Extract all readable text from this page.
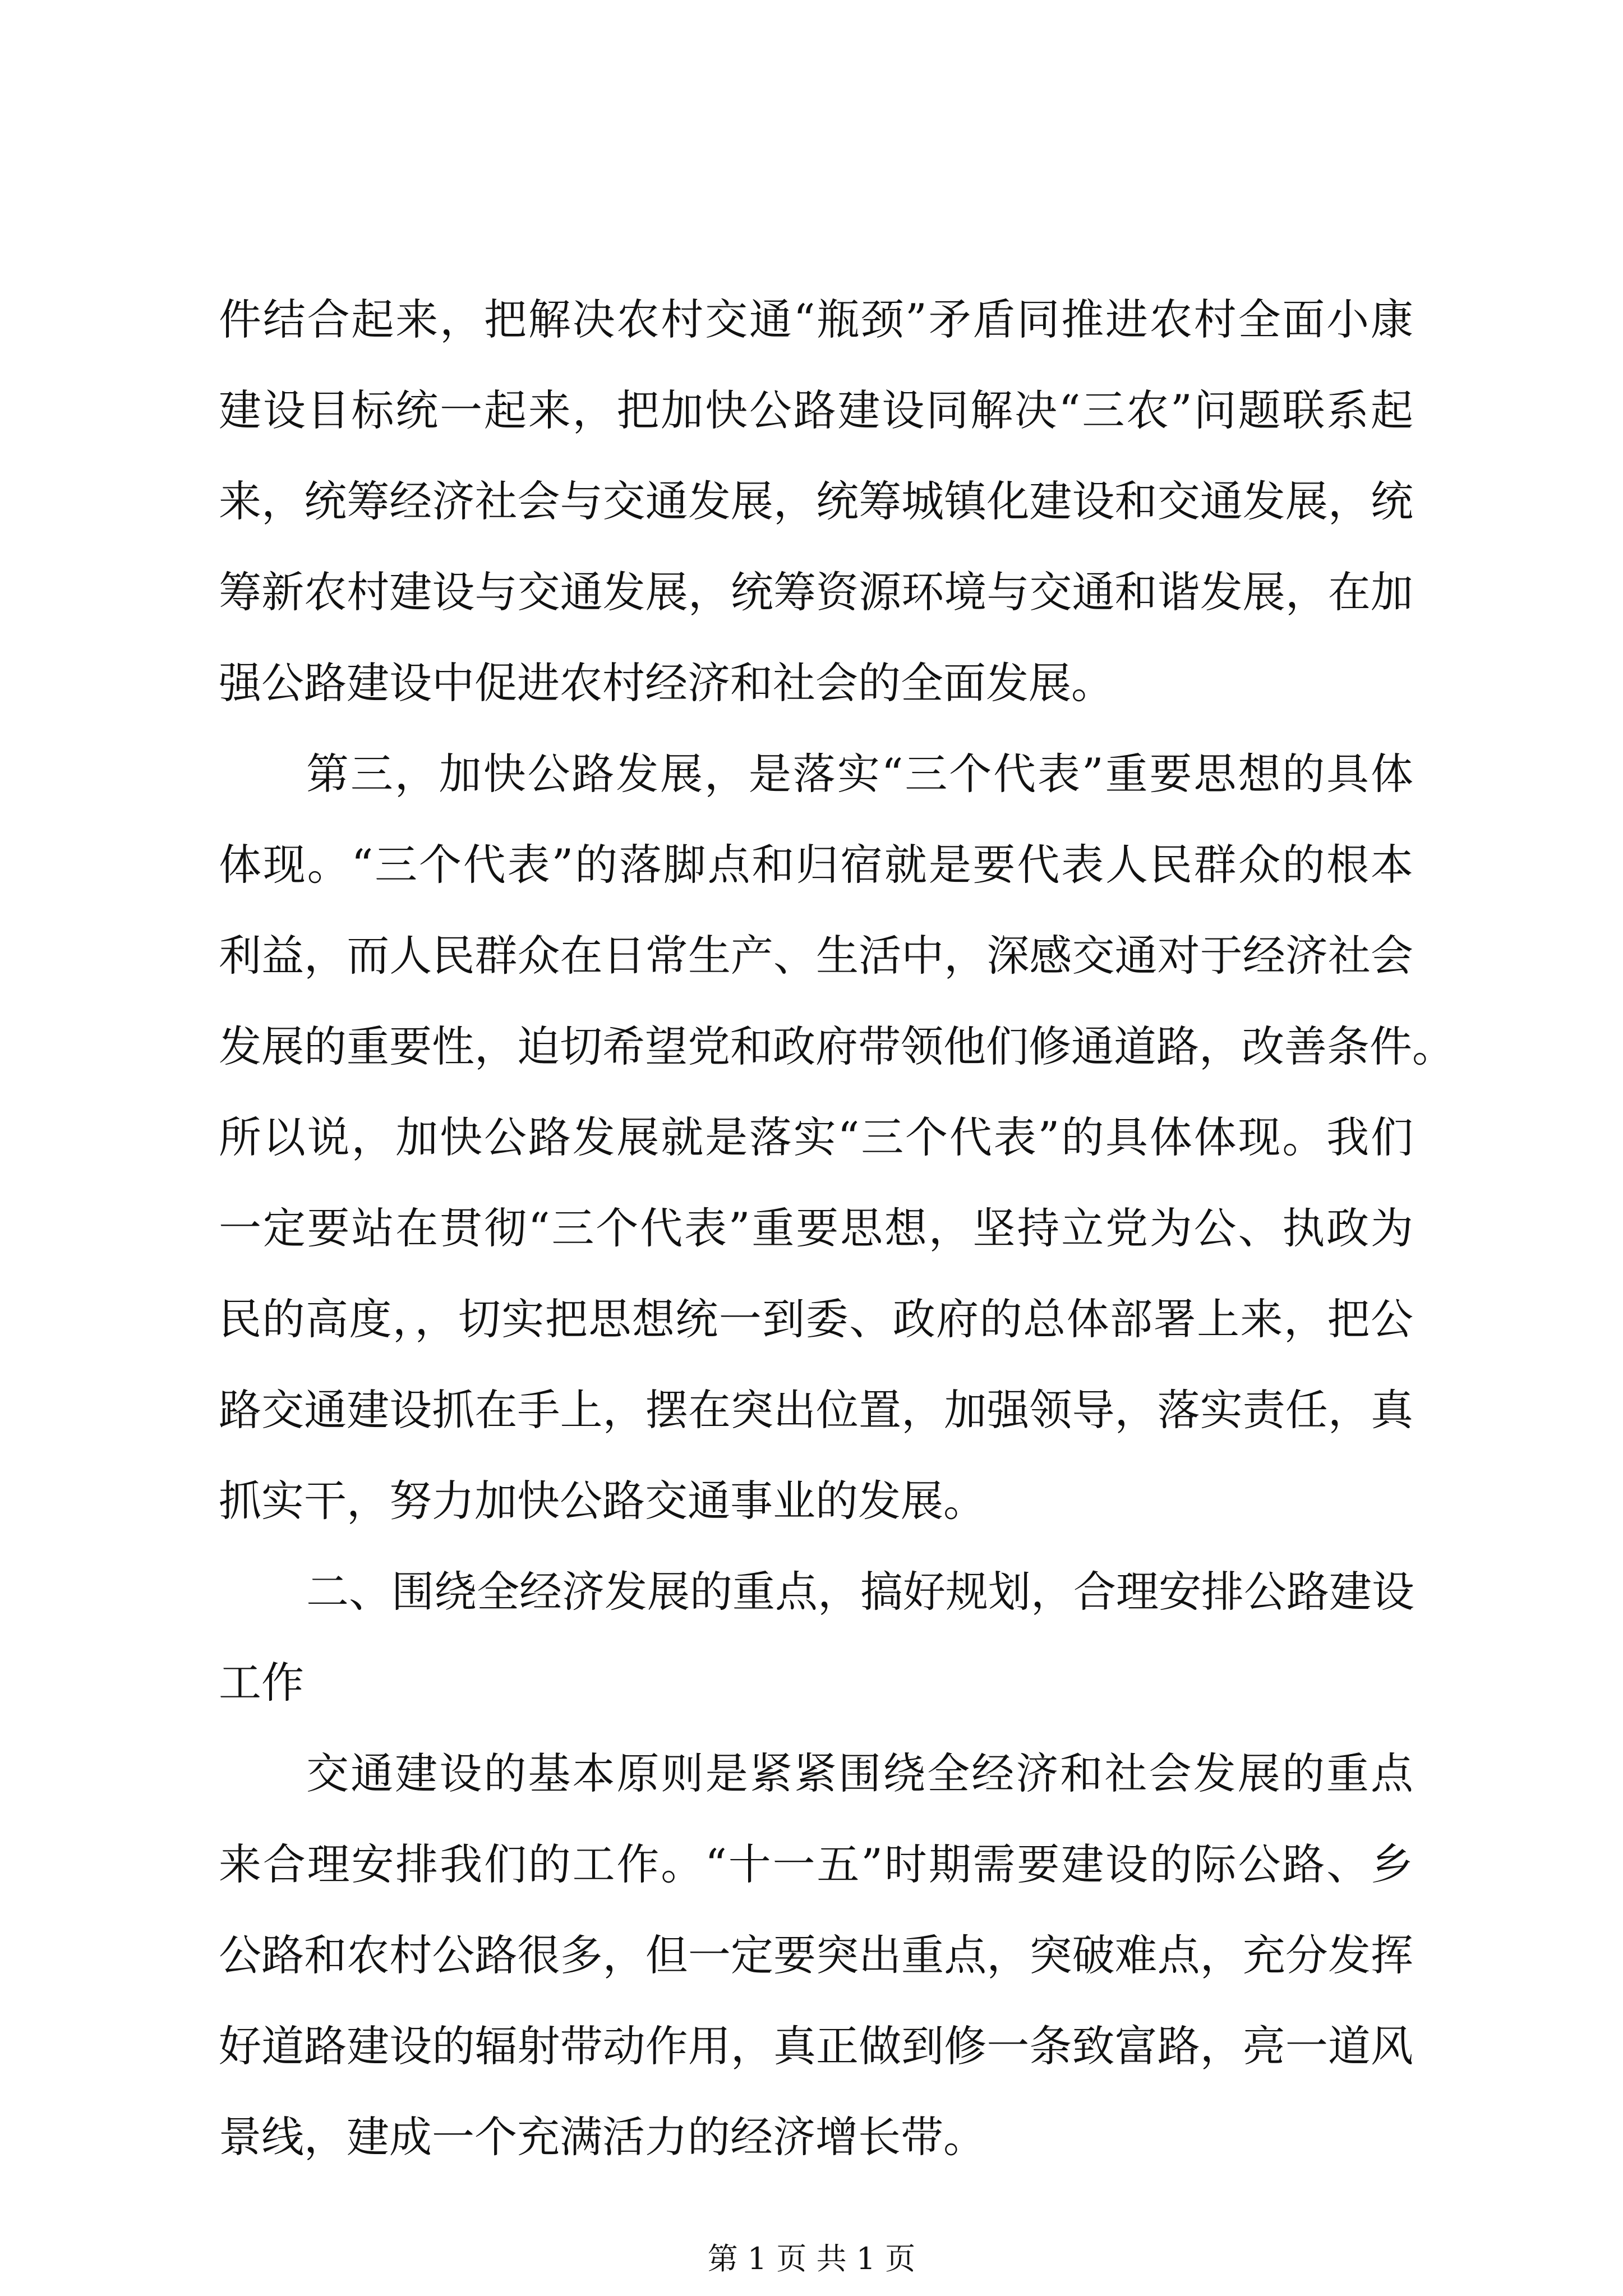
件结合起来，把解决农村交通“瓶颈”矛盾同推进农村全面小康
建设目标统一起来，把加快公路建设同解决“三农”问题联系起
来，统筹经济社会与交通发展，统筹城镇化建设和交通发展，统
筹新农村建设与交通发展，统筹资源环境与交通和谐发展，在加
强公路建设中促进农村经济和社会的全面发展。
第三，加快公路发展，是落实“三个代表”重要思想的具体
体现。“三个代表”的落脚点和归宿就是要代表人民群众的根本
利益，而人民群众在日常生产、生活中，深感交通对于经济社会
发展的重要性，迫切希望党和政府带领他们修通道路，改善条件。
所以说，加快公路发展就是落实“三个代表”的具体体现。我们
一定要站在贯彻“三个代表”重要思想，坚持立党为公、执政为
民的高度，，切实把思想统一到委、政府的总体部署上来，把公
路交通建设抓在手上，摆在突出位置，加强领导，落实责任，真
抓实干，努力加快公路交通事业的发展。
二、围绕全经济发展的重点，搞好规划，合理安排公路建设
工作
交通建设的基本原则是紧紧围绕全经济和社会发展的重点
来合理安排我们的工作。“十一五”时期需要建设的际公路、乡
公路和农村公路很多，但一定要突出重点，突破难点，充分发挥
好道路建设的辐射带动作用，真正做到修一条致富路，亮一道风
景线，建成一个充满活力的经济增长带。
第 1 页 共 1 页
